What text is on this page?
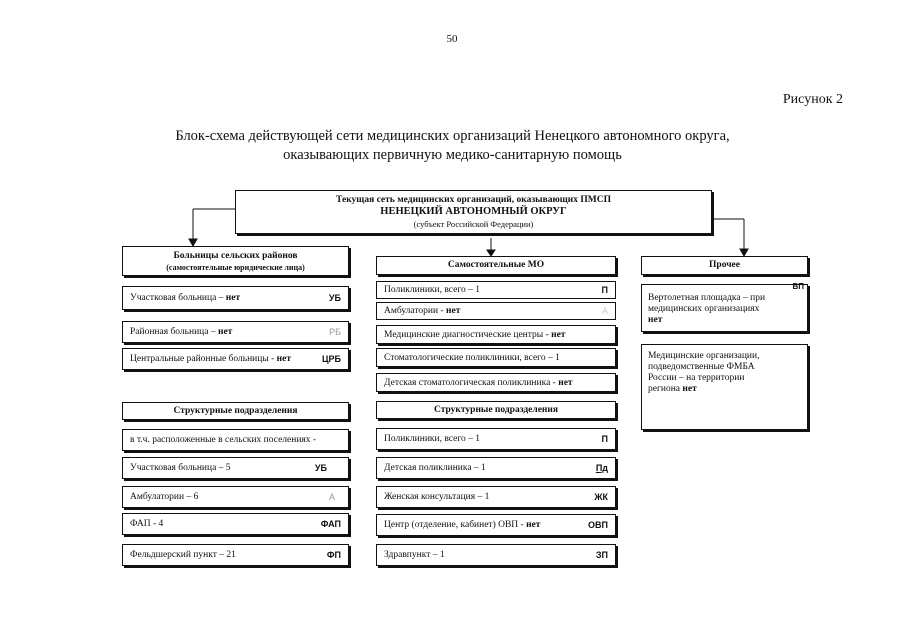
50
Рисунок 2
Блок-схема действующей сети медицинских организаций Ненецкого автономного округа,
оказывающих первичную медико-санитарную помощь
Текущая сеть медицинских организаций, оказывающих ПМСП
НЕНЕЦКИЙ АВТОНОМНЫЙ ОКРУГ
(субъект Российской Федерации)
Больницы сельских районов
(самостоятельные юридические лица)
Участковая больница – нет	УБ
Районная больница – нет	РБ
Центральные районные больницы - нет	ЦРБ
Структурные подразделения
в т.ч. расположенные в сельских поселениях -
Участковая больница – 5	УБ
Амбулатории – 6	А
ФАП - 4	ФАП
Фельдшерский пункт – 21	ФП
Самостоятельные МО
Поликлиники, всего – 1	П
Амбулатории - нет	А
Медицинские диагностические центры - нет
Стоматологические поликлиники, всего – 1
Детская стоматологическая поликлиника - нет
Структурные подразделения
Поликлиники, всего – 1	П
Детская поликлиника – 1	Пд
Женская консультация – 1	ЖК
Центр (отделение, кабинет) ОВП - нет	ОВП
Здравпункт – 1	ЗП
Прочее
ВП
Вертолетная площадка – при
медицинских организациях
нет
Медицинские организации,
подведомственные ФМБА
России – на территории
региона нет
